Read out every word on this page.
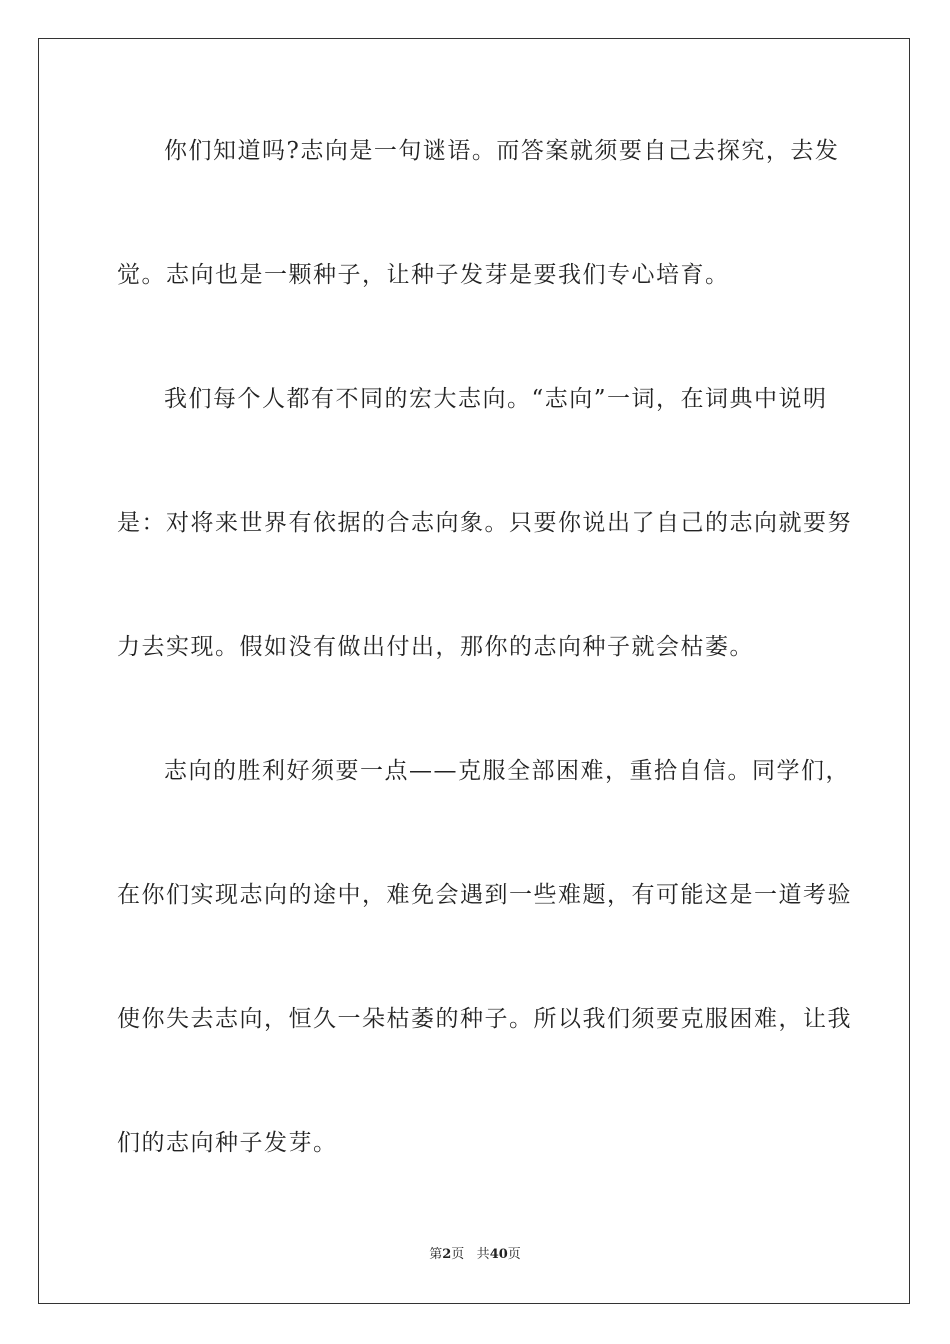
你们知道吗?志向是一句谜语。而答案就须要自己去探究，去发

觉。志向也是一颗种子，让种子发芽是要我们专心培育。

我们每个人都有不同的宏大志向。“志向”一词，在词典中说明

是：对将来世界有依据的合志向象。只要你说出了自己的志向就要努

力去实现。假如没有做出付出，那你的志向种子就会枯萎。

志向的胜利好须要一点——克服全部困难，重拾自信。同学们，

在你们实现志向的途中，难免会遇到一些难题，有可能这是一道考验

使你失去志向，恒久一朵枯萎的种子。所以我们须要克服困难，让我

们的志向种子发芽。

第2页 共40页
